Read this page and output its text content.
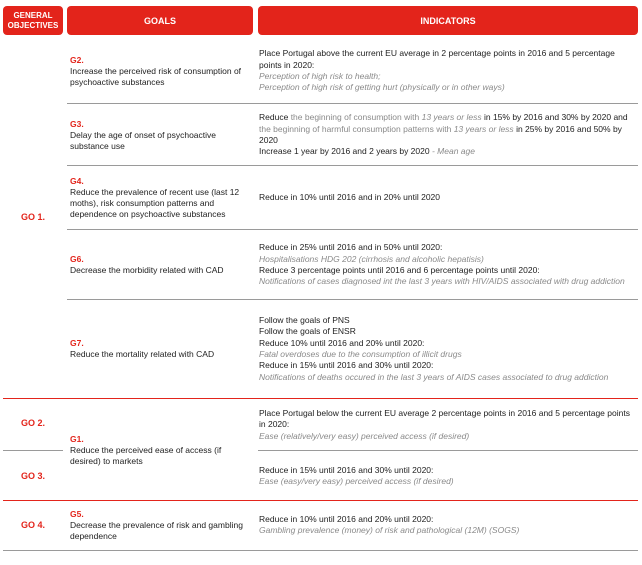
GENERAL OBJECTIVES	GOALS	INDICATORS
GO 1.
GO 2.
GO 3.
GO 4.
G2.
Increase the perceived risk of consumption of psychoactive substances
G3.
Delay the age of onset of psychoactive substance use
G4.
Reduce the prevalence of recent use (last 12 moths), risk consumption patterns and dependence on psychoactive substances
G6.
Decrease the morbidity related with CAD
G7.
Reduce the mortality related with CAD
G1.
Reduce the perceived ease of access (if desired) to markets
G5.
Decrease the prevalence of risk and gambling dependence
Place Portugal above the current EU average in 2 percentage points in 2016 and 5 percentage points in 2020:
Perception of high risk to health;
Perception of high risk of getting hurt (physically or in other ways)
Reduce the beginning of consumption with 13 years or less in 15% by 2016 and 30% by 2020 and the beginning of harmful consumption patterns with 13 years or less in 25% by 2016 and 50% by 2020
Increase 1 year by 2016 and 2 years by 2020 - Mean age
Reduce in 10% until 2016 and in 20% until 2020
Reduce in 25% until 2016 and in 50% until 2020:
Hospitalisations HDG 202 (cirrhosis and alcoholic hepatisis)
Reduce 3 percentage points until 2016 and 6 percentage points until 2020:
Notifications of cases diagnosed int the last 3 years with HIV/AIDS associated with drug addiction
Follow the goals of PNS
Follow the goals of ENSR
Reduce 10% until 2016 and 20% until 2020:
Fatal overdoses due to the consumption of illicit drugs
Reduce in 15% until 2016 and 30% until 2020:
Notifications of deaths occured in the last 3 years of AIDS cases associated to drug addiction
Place Portugal below the current EU average 2 percentage points in 2016 and 5 percentage points in 2020:
Ease (relatively/very easy) perceived access (if desired)
Reduce in 15% until 2016 and 30% until 2020:
Ease (easy/very easy) perceived access (if desired)
Reduce in 10% until 2016 and 20% until 2020:
Gambling prevalence (money) of risk and pathological (12M) (SOGS)
